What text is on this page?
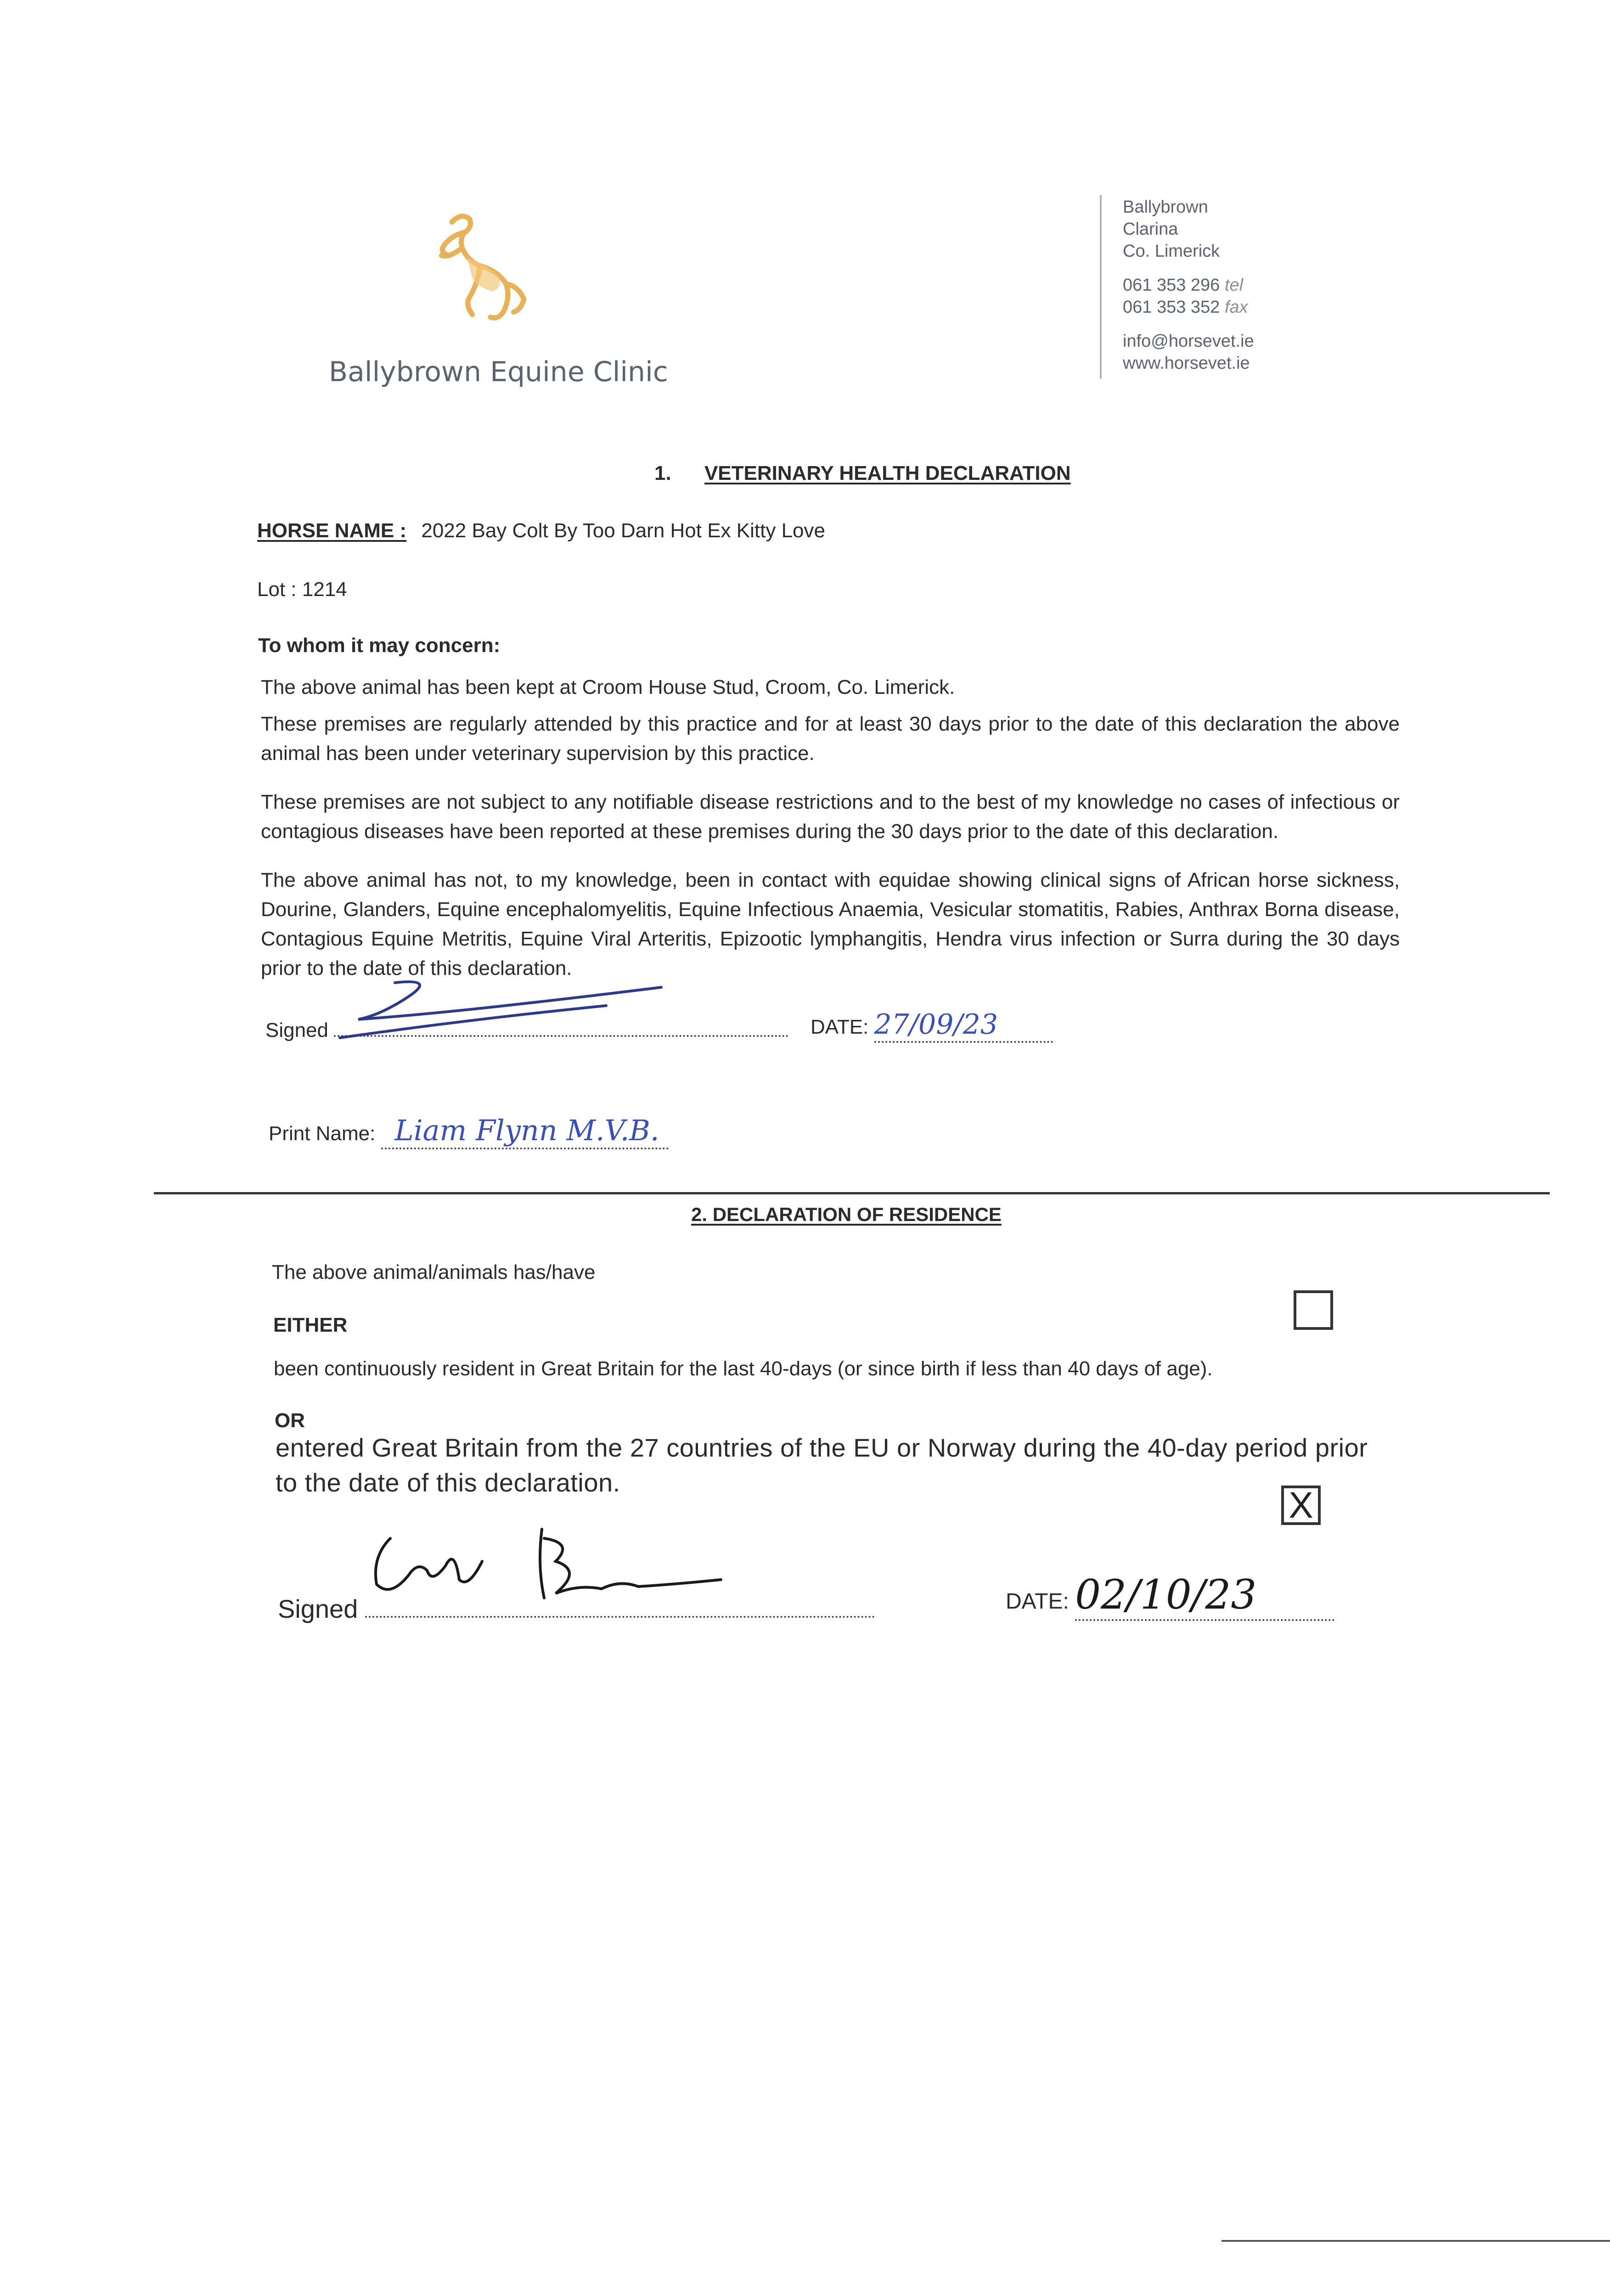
Ballybrown Equine Clinic
Ballybrown
Clarina
Co. Limerick
061 353 296 tel
061 353 352 fax
info@horsevet.ie
www.horsevet.ie
1. VETERINARY HEALTH DECLARATION
HORSE NAME : 2022 Bay Colt By Too Darn Hot Ex Kitty Love
Lot : 1214
To whom it may concern:
The above animal has been kept at Croom House Stud, Croom, Co. Limerick.
These premises are regularly attended by this practice and for at least 30 days prior to the date of this declaration the above animal has been under veterinary supervision by this practice.
These premises are not subject to any notifiable disease restrictions and to the best of my knowledge no cases of infectious or contagious diseases have been reported at these premises during the 30 days prior to the date of this declaration.
The above animal has not, to my knowledge, been in contact with equidae showing clinical signs of African horse sickness, Dourine, Glanders, Equine encephalomyelitis, Equine Infectious Anaemia, Vesicular stomatitis, Rabies, Anthrax Borna disease, Contagious Equine Metritis, Equine Viral Arteritis, Epizootic lymphangitis, Hendra virus infection or Surra during the 30 days prior to the date of this declaration.
Signed	DATE: 27/09/23
Print Name: Liam Flynn M.V.B.
2. DECLARATION OF RESIDENCE
The above animal/animals has/have
EITHER
been continuously resident in Great Britain for the last 40-days (or since birth if less than 40 days of age).
OR
entered Great Britain from the 27 countries of the EU or Norway during the 40-day period prior to the date of this declaration.
X
Signed	DATE: 02/10/23
